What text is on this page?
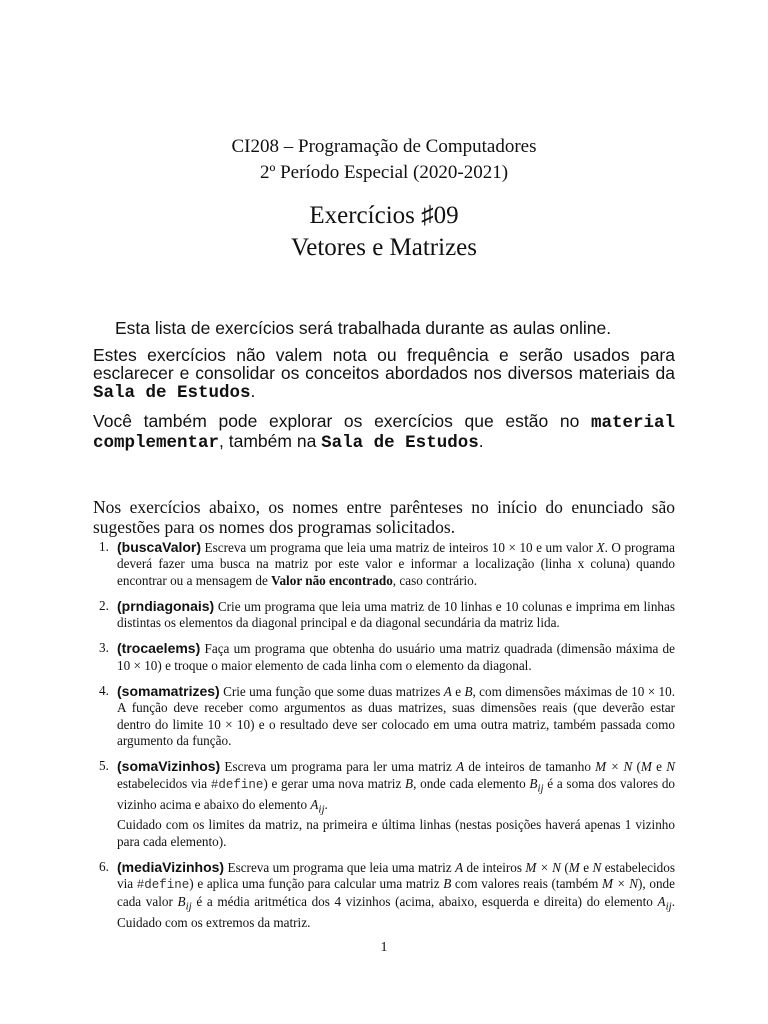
CI208 – Programação de Computadores
2º Período Especial (2020-2021)
Exercícios ♯09
Vetores e Matrizes
Esta lista de exercícios será trabalhada durante as aulas online.
Estes exercícios não valem nota ou frequência e serão usados para esclarecer e consolidar os conceitos abordados nos diversos materiais da Sala de Estudos.
Você também pode explorar os exercícios que estão no material complementar, também na Sala de Estudos.
Nos exercícios abaixo, os nomes entre parênteses no início do enunciado são sugestões para os nomes dos programas solicitados.
1. (buscaValor) Escreva um programa que leia uma matriz de inteiros 10 × 10 e um valor X. O programa deverá fazer uma busca na matriz por este valor e informar a localização (linha x coluna) quando encontrar ou a mensagem de Valor não encontrado, caso contrário.
2. (prndiagonais) Crie um programa que leia uma matriz de 10 linhas e 10 colunas e imprima em linhas distintas os elementos da diagonal principal e da diagonal secundária da matriz lida.
3. (trocaelems) Faça um programa que obtenha do usuário uma matriz quadrada (dimensão máxima de 10 × 10) e troque o maior elemento de cada linha com o elemento da diagonal.
4. (somamatrizes) Crie uma função que some duas matrizes A e B, com dimensões máximas de 10 × 10. A função deve receber como argumentos as duas matrizes, suas dimensões reais (que deverão estar dentro do limite 10 × 10) e o resultado deve ser colocado em uma outra matriz, também passada como argumento da função.
5. (somaVizinhos) Escreva um programa para ler uma matriz A de inteiros de tamanho M × N (M e N estabelecidos via #define) e gerar uma nova matriz B, onde cada elemento $B_{ij}$ é a soma dos valores do vizinho acima e abaixo do elemento $A_{ij}$.
Cuidado com os limites da matriz, na primeira e última linhas (nestas posições haverá apenas 1 vizinho para cada elemento).
6. (mediaVizinhos) Escreva um programa que leia uma matriz A de inteiros M × N (M e N estabelecidos via #define) e aplica uma função para calcular uma matriz B com valores reais (também M × N), onde cada valor $B_{ij}$ é a média aritmética dos 4 vizinhos (acima, abaixo, esquerda e direita) do elemento $A_{ij}$. Cuidado com os extremos da matriz.
1
